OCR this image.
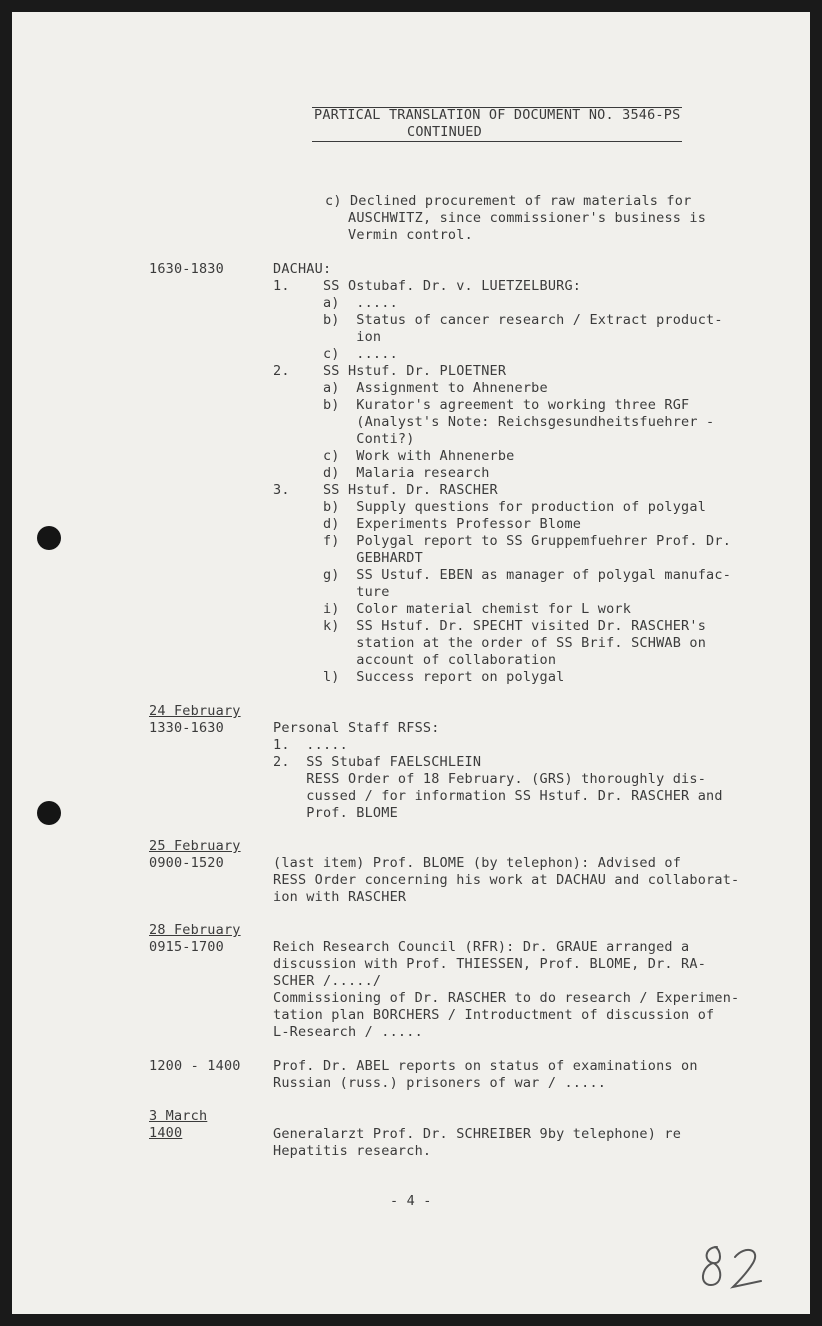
PARTICAL TRANSLATION OF DOCUMENT NO. 3546-PS
CONTINUED
c) Declined procurement of raw materials for
AUSCHWITZ, since commissioner's business is
Vermin control.
1630-1830	DACHAU:
1.    SS Ostubaf. Dr. v. LUETZELBURG:
a)  .....
b)  Status of cancer research / Extract product-
ion
c)  .....
2.    SS Hstuf. Dr. PLOETNER
a)  Assignment to Ahnenerbe
b)  Kurator's agreement to working three RGF
(Analyst's Note: Reichsgesundheitsfuehrer -
Conti?)
c)  Work with Ahnenerbe
d)  Malaria research
3.    SS Hstuf. Dr. RASCHER
b)  Supply questions for production of polygal
d)  Experiments Professor Blome
f)  Polygal report to SS Gruppemfuehrer Prof. Dr.
GEBHARDT
g)  SS Ustuf. EBEN as manager of polygal manufac-
ture
i)  Color material chemist for L work
k)  SS Hstuf. Dr. SPECHT visited Dr. RASCHER's
station at the order of SS Brif. SCHWAB on
account of collaboration
l)  Success report on polygal
24 February
1330-1630	Personal Staff RFSS:
1.  .....
2.  SS Stubaf FAELSCHLEIN
RESS Order of 18 February. (GRS) thoroughly dis-
cussed / for information SS Hstuf. Dr. RASCHER and
Prof. BLOME
25 February
0900-1520	(last item) Prof. BLOME (by telephon): Advised of
RESS Order concerning his work at DACHAU and collaborat-
ion with RASCHER
28 February
0915-1700	Reich Research Council (RFR): Dr. GRAUE arranged a
discussion with Prof. THIESSEN, Prof. BLOME, Dr. RA-
SCHER /...../
Commissioning of Dr. RASCHER to do research / Experimen-
tation plan BORCHERS / Introductment of discussion of
L-Research / .....
1200 - 1400 Prof. Dr. ABEL reports on status of examinations on
Russian (russ.) prisoners of war / .....
3 March
1400	Generalarzt Prof. Dr. SCHREIBER 9by telephone) re
Hepatitis research.
- 4 -
